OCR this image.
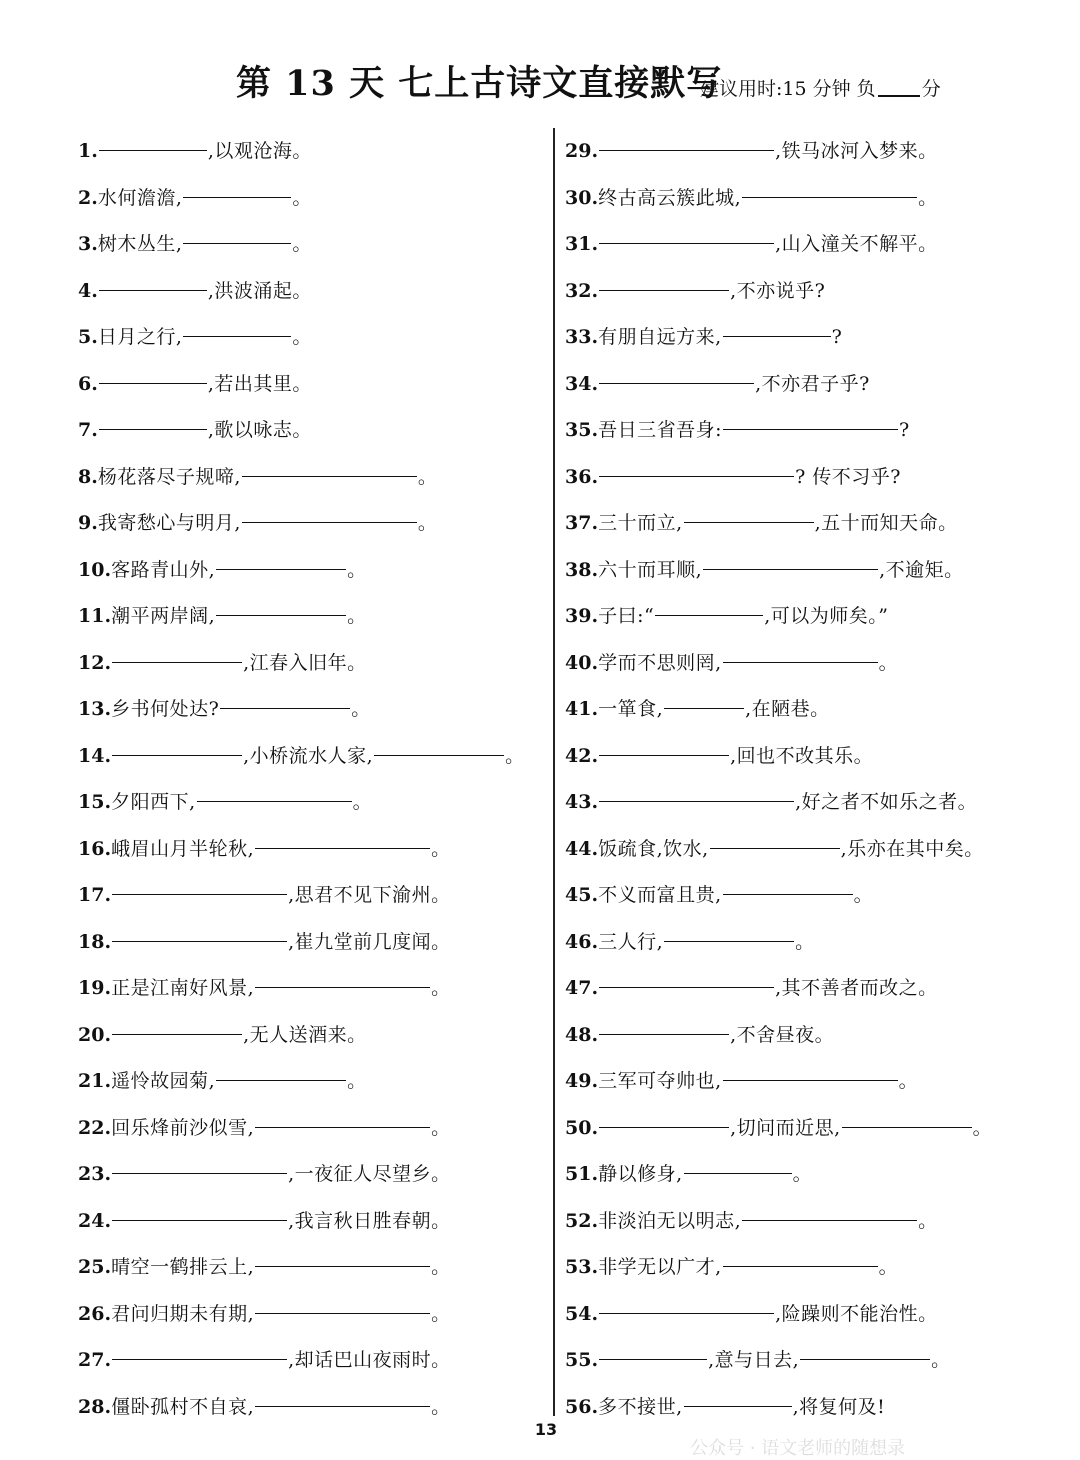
第 13 天 七上古诗文直接默写
建议用时:15 分钟 负 分
1.	,以观沧海。
2.水何澹澹,	。
3.树木丛生,	。
4.	,洪波涌起。
5.日月之行,	。
6.	,若出其里。
7.	,歌以咏志。
8.杨花落尽子规啼,	。
9.我寄愁心与明月,	。
10.客路青山外,	。
11.潮平两岸阔,	。
12.	,江春入旧年。
13.乡书何处达?	。
14.	,小桥流水人家,	。
15.夕阳西下,	。
16.峨眉山月半轮秋,	。
17.	,思君不见下渝州。
18.	,崔九堂前几度闻。
19.正是江南好风景,	。
20.	,无人送酒来。
21.遥怜故园菊,	。
22.回乐烽前沙似雪,	。
23.	,一夜征人尽望乡。
24.	,我言秋日胜春朝。
25.晴空一鹤排云上,	。
26.君问归期未有期,	。
27.	,却话巴山夜雨时。
28.僵卧孤村不自哀,	。
29.	,铁马冰河入梦来。
30.终古高云簇此城,	。
31.	,山入潼关不解平。
32.	,不亦说乎?
33.有朋自远方来,	?
34.	,不亦君子乎?
35.吾日三省吾身:	?
36.	? 传不习乎?
37.三十而立,	,五十而知天命。
38.六十而耳顺,	,不逾矩。
39.子曰:“	,可以为师矣。”
40.学而不思则罔,	。
41.一箪食,	,在陋巷。
42.	,回也不改其乐。
43.	,好之者不如乐之者。
44.饭疏食,饮水,	,乐亦在其中矣。
45.不义而富且贵,	。
46.三人行,	。
47.	,其不善者而改之。
48.	,不舍昼夜。
49.三军可夺帅也,	。
50.	,切问而近思,	。
51.静以修身,	。
52.非淡泊无以明志,	。
53.非学无以广才,	。
54.	,险躁则不能治性。
55.	,意与日去,	。
56.多不接世,	,将复何及!
13
公众号 · 语文老师的随想录
